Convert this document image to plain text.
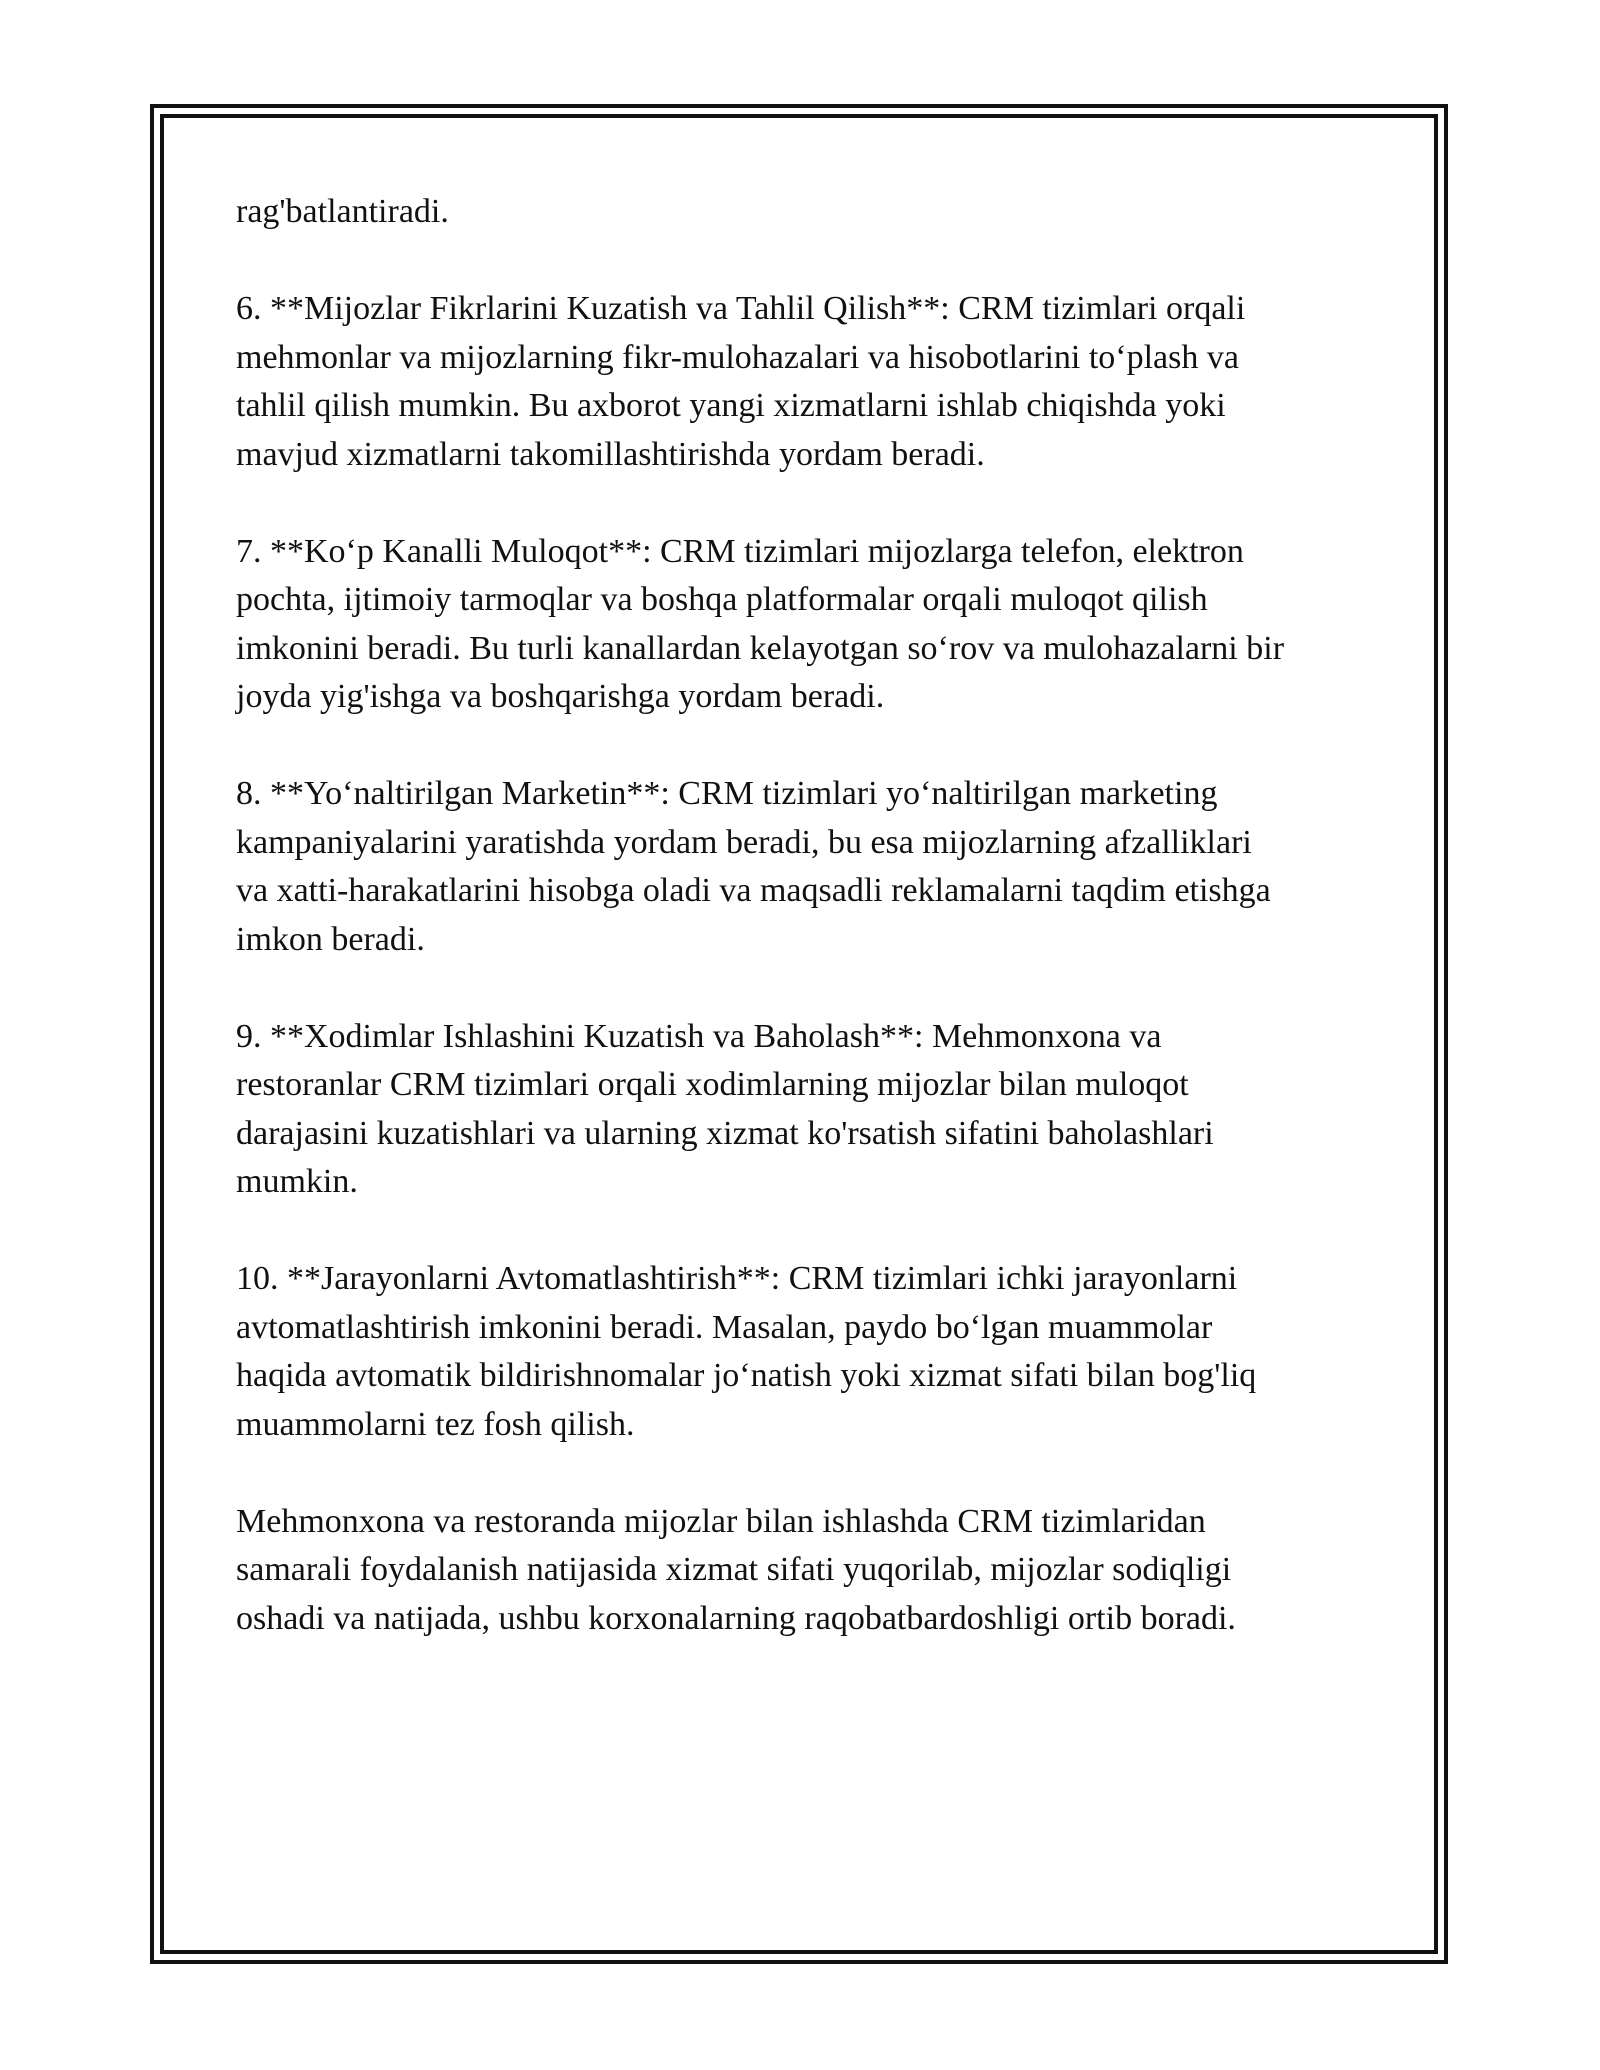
rag'batlantiradi.

6. **Mijozlar Fikrlarini Kuzatish va Tahlil Qilish**: CRM tizimlari orqali
mehmonlar va mijozlarning fikr-mulohazalari va hisobotlarini to‘plash va
tahlil qilish mumkin. Bu axborot yangi xizmatlarni ishlab chiqishda yoki
mavjud xizmatlarni takomillashtirishda yordam beradi.

7. **Ko‘p Kanalli Muloqot**: CRM tizimlari mijozlarga telefon, elektron
pochta, ijtimoiy tarmoqlar va boshqa platformalar orqali muloqot qilish
imkonini beradi. Bu turli kanallardan kelayotgan so‘rov va mulohazalarni bir
joyda yig'ishga va boshqarishga yordam beradi.

8. **Yo‘naltirilgan Marketin**: CRM tizimlari yo‘naltirilgan marketing
kampaniyalarini yaratishda yordam beradi, bu esa mijozlarning afzalliklari
va xatti-harakatlarini hisobga oladi va maqsadli reklamalarni taqdim etishga
imkon beradi.

9. **Xodimlar Ishlashini Kuzatish va Baholash**: Mehmonxona va
restoranlar CRM tizimlari orqali xodimlarning mijozlar bilan muloqot
darajasini kuzatishlari va ularning xizmat ko'rsatish sifatini baholashlari
mumkin.

10. **Jarayonlarni Avtomatlashtirish**: CRM tizimlari ichki jarayonlarni
avtomatlashtirish imkonini beradi. Masalan, paydo bo‘lgan muammolar
haqida avtomatik bildirishnomalar jo‘natish yoki xizmat sifati bilan bog'liq
muammolarni tez fosh qilish.

Mehmonxona va restoranda mijozlar bilan ishlashda CRM tizimlaridan
samarali foydalanish natijasida xizmat sifati yuqorilab, mijozlar sodiqligi
oshadi va natijada, ushbu korxonalarning raqobatbardoshligi ortib boradi.
